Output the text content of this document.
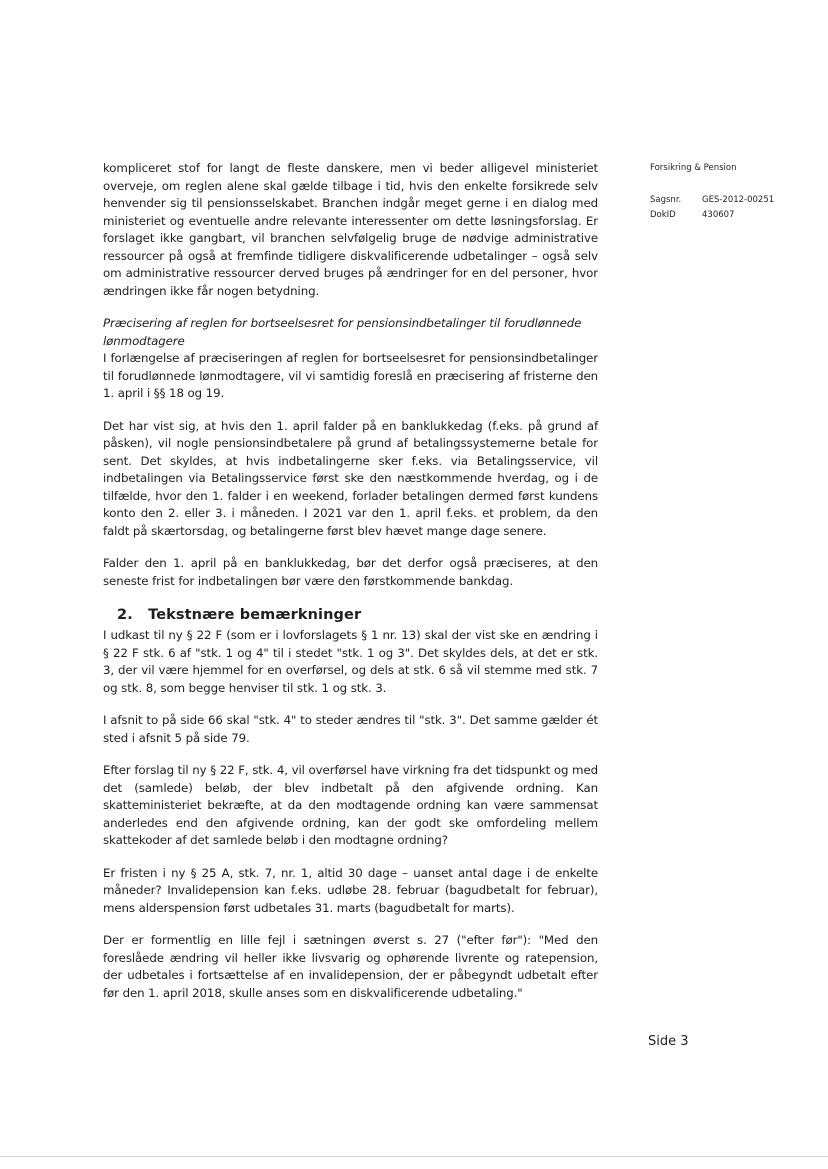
Forsikring & Pension
Sagsnr.	GES-2012-00251
DokID	430607

kompliceret stof for langt de fleste danskere, men vi beder alligevel ministeriet overveje, om reglen alene skal gælde tilbage i tid, hvis den enkelte forsikrede selv henvender sig til pensionsselskabet. Branchen indgår meget gerne i en dialog med ministeriet og eventuelle andre relevante interessenter om dette løsningsforslag. Er forslaget ikke gangbart, vil branchen selvfølgelig bruge de nødvige administrative ressourcer på også at fremfinde tidligere diskvalificerende udbetalinger – også selv om administrative ressourcer derved bruges på ændringer for en del personer, hvor ændringen ikke får nogen betydning.

Præcisering af reglen for bortseelsesret for pensionsindbetalinger til forudlønnede lønmodtagere

I forlængelse af præciseringen af reglen for bortseelsesret for pensionsindbetalinger til forudlønnede lønmodtagere, vil vi samtidig foreslå en præcisering af fristerne den 1. april i §§ 18 og 19.

Det har vist sig, at hvis den 1. april falder på en banklukkedag (f.eks. på grund af påsken), vil nogle pensionsindbetalere på grund af betalingssystemerne betale for sent. Det skyldes, at hvis indbetalingerne sker f.eks. via Betalingsservice, vil indbetalingen via Betalingsservice først ske den næstkommende hverdag, og i de tilfælde, hvor den 1. falder i en weekend, forlader betalingen dermed først kundens konto den 2. eller 3. i måneden. I 2021 var den 1. april f.eks. et problem, da den faldt på skærtorsdag, og betalingerne først blev hævet mange dage senere.

Falder den 1. april på en banklukkedag, bør det derfor også præciseres, at den seneste frist for indbetalingen bør være den førstkommende bankdag.

2. Tekstnære bemærkninger

I udkast til ny § 22 F (som er i lovforslagets § 1 nr. 13) skal der vist ske en ændring i § 22 F stk. 6 af "stk. 1 og 4" til i stedet "stk. 1 og 3". Det skyldes dels, at det er stk. 3, der vil være hjemmel for en overførsel, og dels at stk. 6 så vil stemme med stk. 7 og stk. 8, som begge henviser til stk. 1 og stk. 3.

I afsnit to på side 66 skal "stk. 4" to steder ændres til "stk. 3". Det samme gælder ét sted i afsnit 5 på side 79.

Efter forslag til ny § 22 F, stk. 4, vil overførsel have virkning fra det tidspunkt og med det (samlede) beløb, der blev indbetalt på den afgivende ordning. Kan skatteministeriet bekræfte, at da den modtagende ordning kan være sammensat anderledes end den afgivende ordning, kan der godt ske omfordeling mellem skattekoder af det samlede beløb i den modtagne ordning?

Er fristen i ny § 25 A, stk. 7, nr. 1, altid 30 dage – uanset antal dage i de enkelte måneder? Invalidepension kan f.eks. udløbe 28. februar (bagudbetalt for februar), mens alderspension først udbetales 31. marts (bagudbetalt for marts).

Der er formentlig en lille fejl i sætningen øverst s. 27 ("efter før"): "Med den foreslåede ændring vil heller ikke livsvarig og ophørende livrente og ratepension, der udbetales i fortsættelse af en invalidepension, der er påbegyndt udbetalt efter før den 1. april 2018, skulle anses som en diskvalificerende udbetaling."

Side 3
